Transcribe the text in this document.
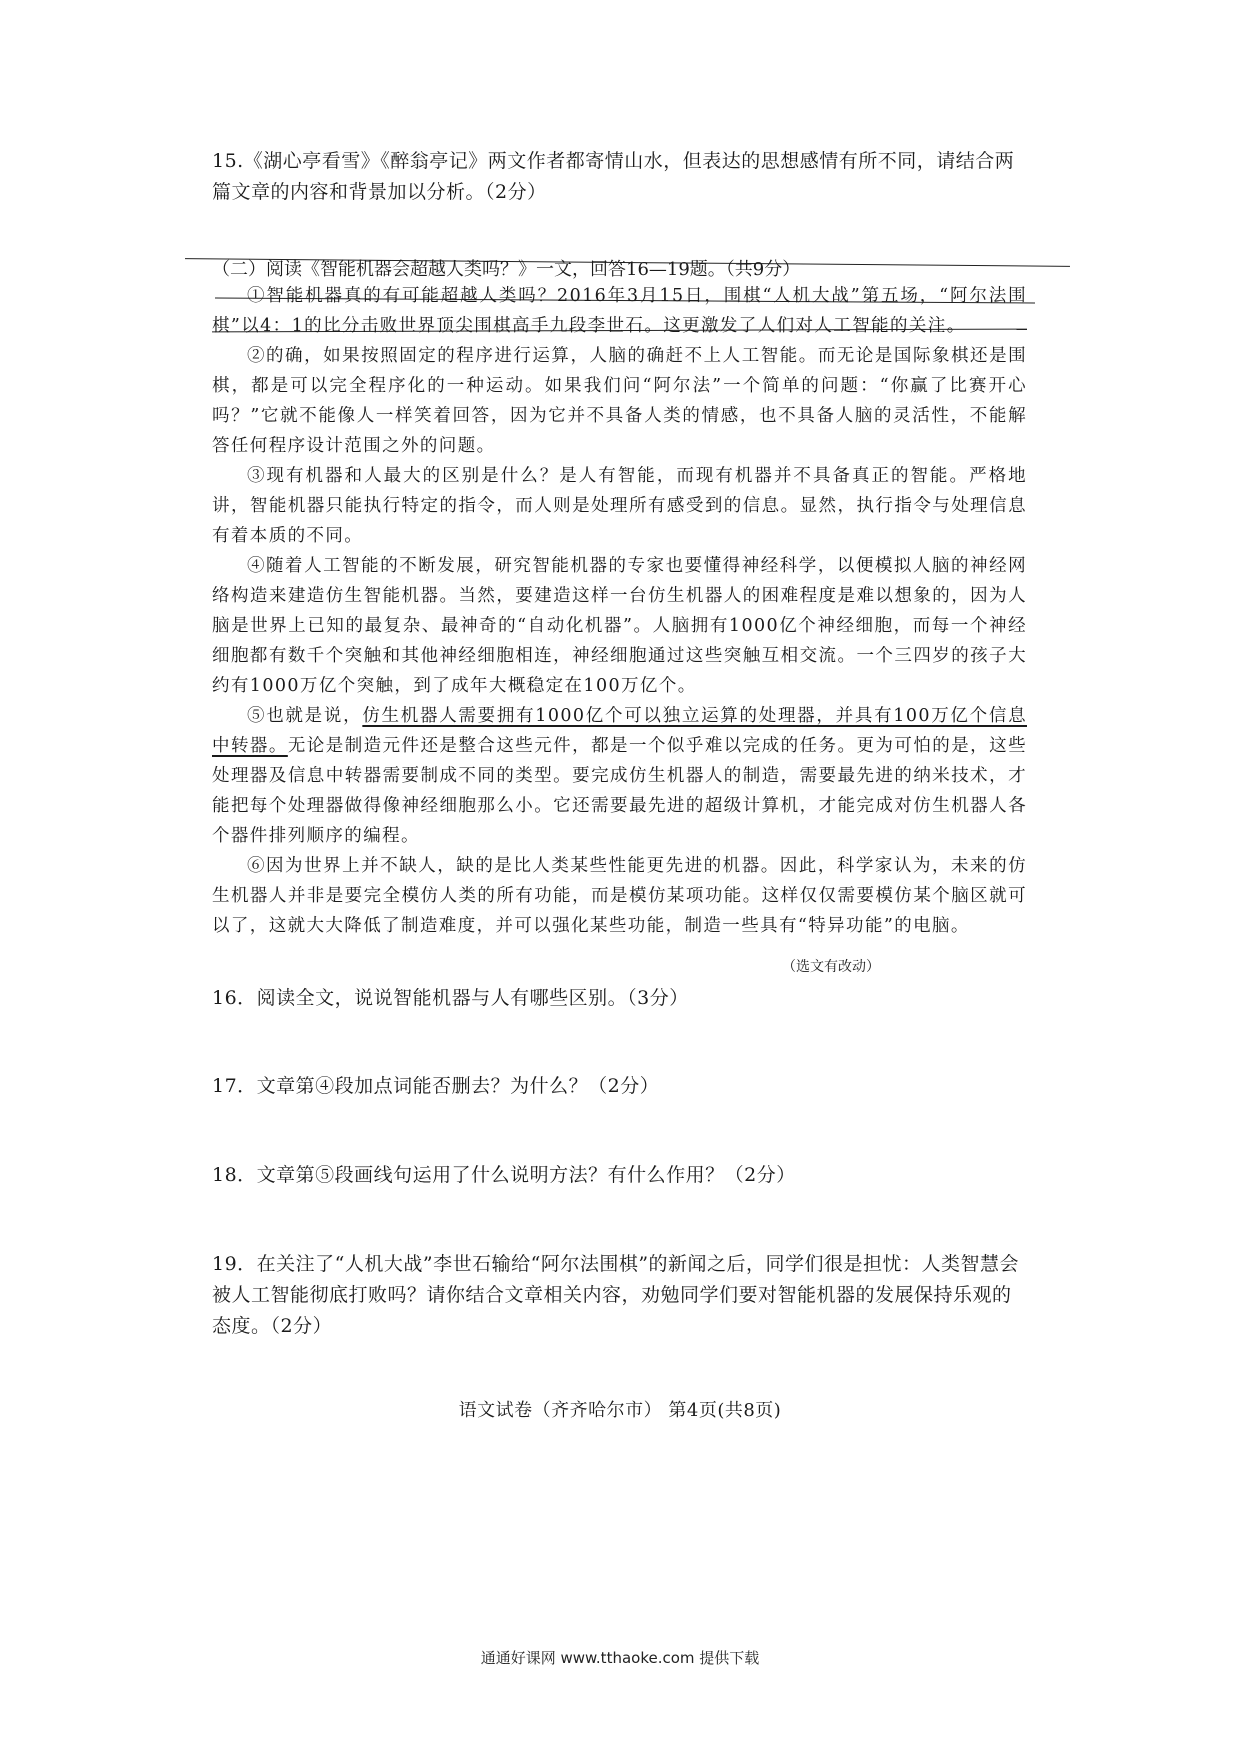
15.《湖心亭看雪》《醉翁亭记》两文作者都寄情山水，但表达的思想感情有所不同，请结合两篇文章的内容和背景加以分析。（2分）
（二）阅读《智能机器会超越人类吗？》一文，回答16—19题。（共9分）

①智能机器真的有可能超越人类吗？2016年3月15日，围棋“人机大战”第五场，“阿尔法围棋”以4：1的比分击败世界顶尖围棋高手九段李世石。这更激发了人们对人工智能的关注。

②的确，如果按照固定的程序进行运算，人脑的确赶不上人工智能。而无论是国际象棋还是围棋，都是可以完全程序化的一种运动。如果我们问“阿尔法”一个简单的问题：“你赢了比赛开心吗？”它就不能像人一样笑着回答，因为它并不具备人类的情感，也不具备人脑的灵活性，不能解答任何程序设计范围之外的问题。

③现有机器和人最大的区别是什么？是人有智能，而现有机器并不具备真正的智能。严格地讲，智能机器只能执行特定的指令，而人则是处理所有感受到的信息。显然，执行指令与处理信息有着本质的不同。

④随着人工智能的不断发展，研究智能机器的专家也要懂得神经科学，以便模拟人脑的神经网络构造来建造仿生智能机器。当然，要建造这样一台仿生机器人的困难程度是难以想象的，因为人脑是世界上已知的最复杂、最神奇的“自动化机器”。人脑拥有1000亿个神经细胞，而每一个神经细胞都有数千个突触和其他神经细胞相连，神经细胞通过这些突触互相交流。一个三四岁的孩子大约有1000万亿个突触，到了成年大概稳定在100万亿个。

⑤也就是说，仿生机器人需要拥有1000亿个可以独立运算的处理器，并具有100万亿个信息中转器。无论是制造元件还是整合这些元件，都是一个似乎难以完成的任务。更为可怕的是，这些处理器及信息中转器需要制成不同的类型。要完成仿生机器人的制造，需要最先进的纳米技术，才能把每个处理器做得像神经细胞那么小。它还需要最先进的超级计算机，才能完成对仿生机器人各个器件排列顺序的编程。

⑥因为世界上并不缺人，缺的是比人类某些性能更先进的机器。因此，科学家认为，未来的仿生机器人并非是要完全模仿人类的所有功能，而是模仿某项功能。这样仅仅需要模仿某个脑区就可以了，这就大大降低了制造难度，并可以强化某些功能，制造一些具有“特异功能”的电脑。

（选文有改动）
16．阅读全文，说说智能机器与人有哪些区别。（3分）
17．文章第④段加点词能否删去？为什么？（2分）
18．文章第⑤段画线句运用了什么说明方法？有什么作用？（2分）
19．在关注了“人机大战”李世石输给“阿尔法围棋”的新闻之后，同学们很是担忧：人类智慧会被人工智能彻底打败吗？请你结合文章相关内容，劝勉同学们要对智能机器的发展保持乐观的态度。（2分）
语文试卷（齐齐哈尔市） 第4页(共8页)
通通好课网 www.tthaoke.com 提供下载
